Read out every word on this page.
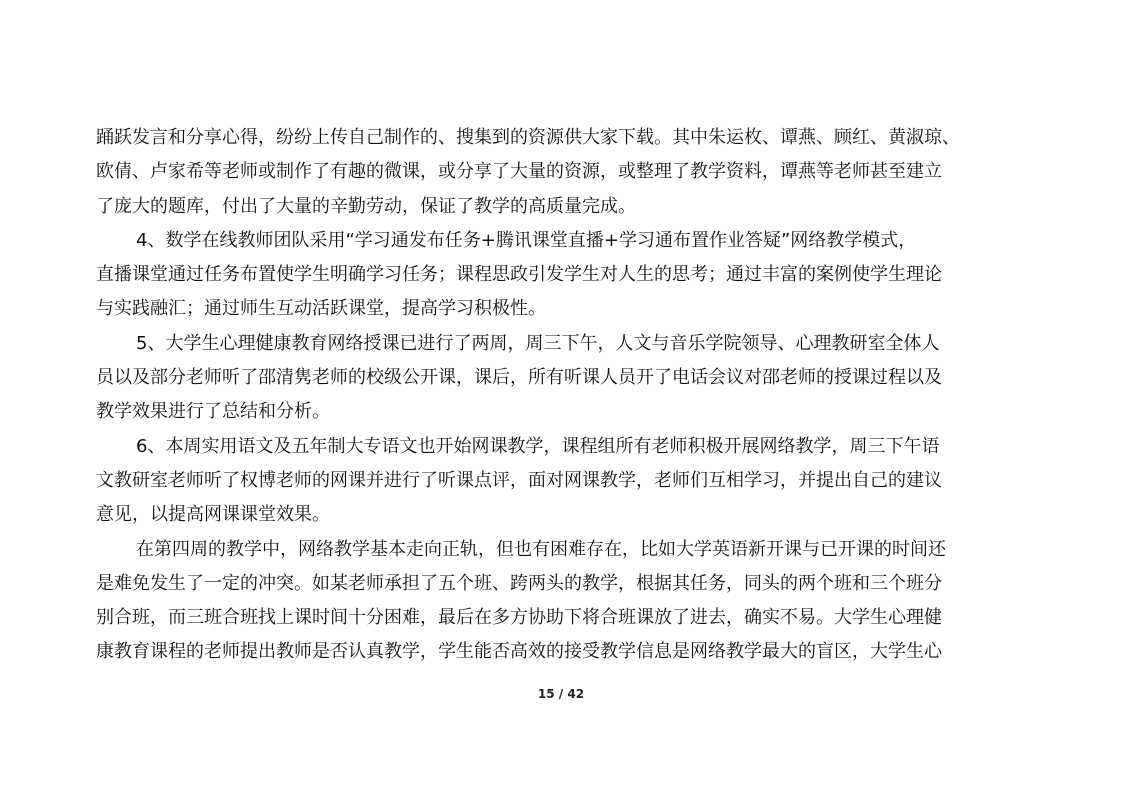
踊跃发言和分享心得，纷纷上传自己制作的、搜集到的资源供大家下载。其中朱运枚、谭燕、顾红、黄淑琼、
欧倩、卢家希等老师或制作了有趣的微课，或分享了大量的资源，或整理了教学资料，谭燕等老师甚至建立
了庞大的题库，付出了大量的辛勤劳动，保证了教学的高质量完成。
4、数学在线教师团队采用“学习通发布任务+腾讯课堂直播+学习通布置作业答疑”网络教学模式，
直播课堂通过任务布置使学生明确学习任务；课程思政引发学生对人生的思考；通过丰富的案例使学生理论
与实践融汇；通过师生互动活跃课堂，提高学习积极性。
5、大学生心理健康教育网络授课已进行了两周，周三下午，人文与音乐学院领导、心理教研室全体人
员以及部分老师听了邵清隽老师的校级公开课，课后，所有听课人员开了电话会议对邵老师的授课过程以及
教学效果进行了总结和分析。
6、本周实用语文及五年制大专语文也开始网课教学，课程组所有老师积极开展网络教学，周三下午语
文教研室老师听了权博老师的网课并进行了听课点评，面对网课教学，老师们互相学习，并提出自己的建议
意见，以提高网课课堂效果。
在第四周的教学中，网络教学基本走向正轨，但也有困难存在，比如大学英语新开课与已开课的时间还
是难免发生了一定的冲突。如某老师承担了五个班、跨两头的教学，根据其任务，同头的两个班和三个班分
别合班，而三班合班找上课时间十分困难，最后在多方协助下将合班课放了进去，确实不易。大学生心理健
康教育课程的老师提出教师是否认真教学，学生能否高效的接受教学信息是网络教学最大的盲区，大学生心
15 / 42
